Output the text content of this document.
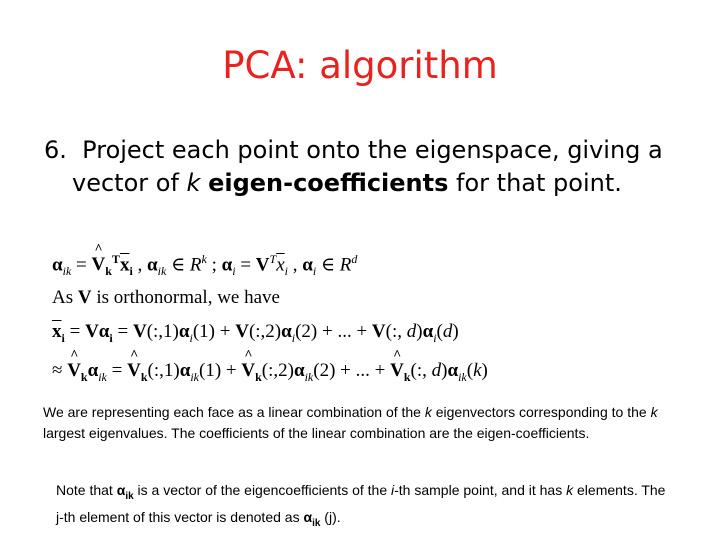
PCA: algorithm
6. Project each point onto the eigenspace, giving a vector of k eigen-coefficients for that point.
$\alpha_{ik}$ = ^ $V_k^T\overline{x}_i$ , $\alpha_{ik}$ ∈ $R^k$ ; $\alpha_i = V^T\overline{x}_i$ , $\alpha_i$ ∈ $R^d$
As V is orthonormal, we have
$\overline{x}_i = V\alpha_i$ = $V(:,1)\alpha_i(1)$ + $V(:,2)\alpha_i(2)$ + ... + V(:, $d)\alpha_i(d)$
≈ ^ $V_k\alpha_{ik}$ = ^ $V_k(:,1)\alpha_{ik}(1)$ + ^ $V_k(:,2)\alpha_{ik}(2)$ + ... + ^ $V_k$(:, $d)\alpha_{ik}(k)$
We are representing each face as a linear combination of the k eigenvectors corresponding to the k largest eigenvalues. The coefficients of the linear combination are the eigen-coefficients.
Note that $\alpha_{ik}$ is a vector of the eigencoefficients of the i-th sample point, and it has k elements. The j-th element of this vector is denoted as $\alpha_{ik}$ (j).
